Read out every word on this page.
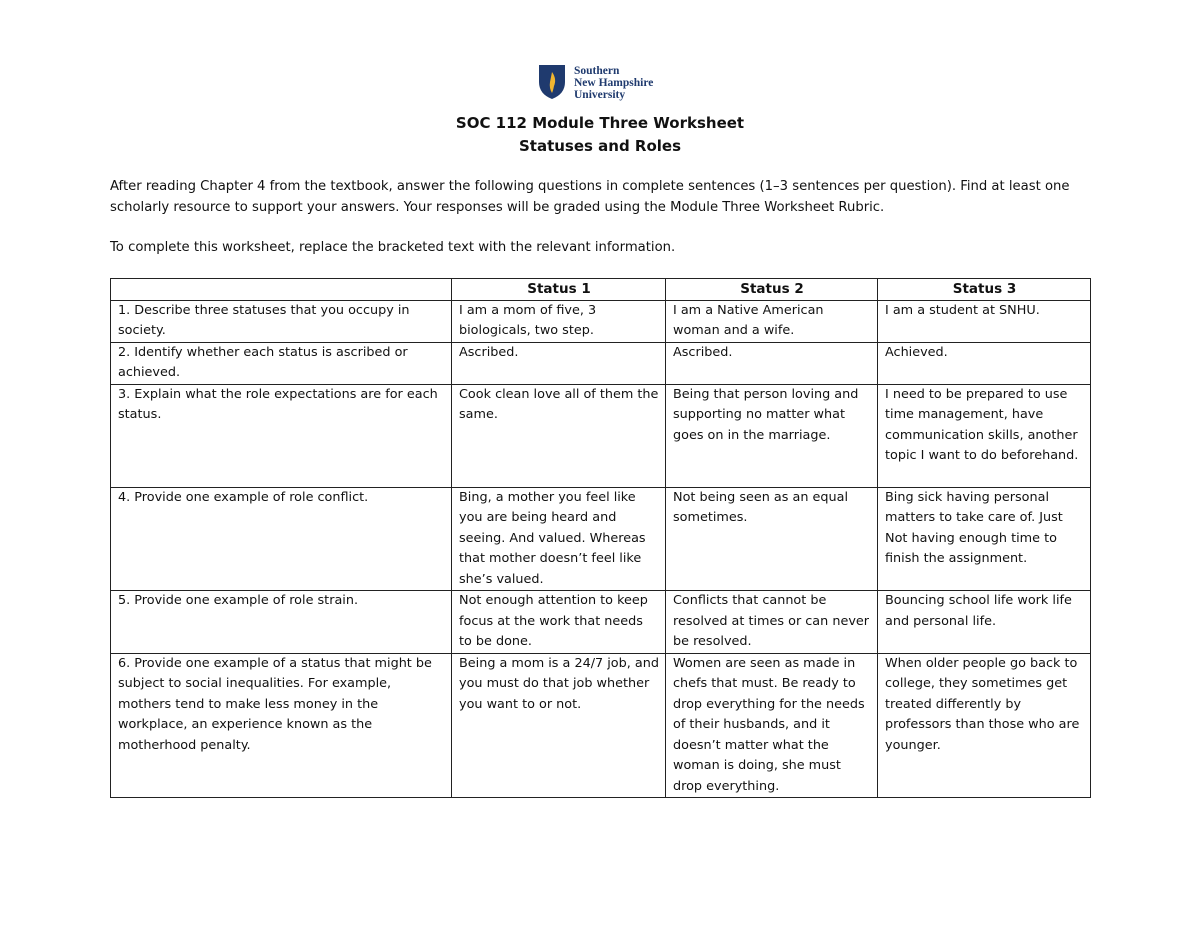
Southern
New Hampshire
University
SOC 112 Module Three Worksheet
Statuses and Roles
After reading Chapter 4 from the textbook, answer the following questions in complete sentences (1–3 sentences per question). Find at least one scholarly resource to support your answers. Your responses will be graded using the Module Three Worksheet Rubric.
To complete this worksheet, replace the bracketed text with the relevant information.
	Status 1	Status 2	Status 3
1. Describe three statuses that you occupy in society.	I am a mom of five, 3 biologicals, two step.	I am a Native American woman and a wife.	I am a student at SNHU.
2. Identify whether each status is ascribed or achieved.	Ascribed.	Ascribed.	Achieved.
3. Explain what the role expectations are for each status.	Cook clean love all of them the same.	Being that person loving and supporting no matter what goes on in the marriage.	I need to be prepared to use time management, have communication skills, another topic I want to do beforehand.
4. Provide one example of role conflict.	Bing, a mother you feel like you are being heard and seeing. And valued. Whereas that mother doesn’t feel like she’s valued.	Not being seen as an equal sometimes.	Bing sick having personal matters to take care of. Just Not having enough time to finish the assignment.
5. Provide one example of role strain.	Not enough attention to keep focus at the work that needs to be done.	Conflicts that cannot be resolved at times or can never be resolved.	Bouncing school life work life and personal life.
6. Provide one example of a status that might be subject to social inequalities. For example, mothers tend to make less money in the workplace, an experience known as the motherhood penalty.	Being a mom is a 24/7 job, and you must do that job whether you want to or not.	Women are seen as made in chefs that must. Be ready to drop everything for the needs of their husbands, and it doesn’t matter what the woman is doing, she must drop everything.	When older people go back to college, they sometimes get treated differently by professors than those who are younger.
